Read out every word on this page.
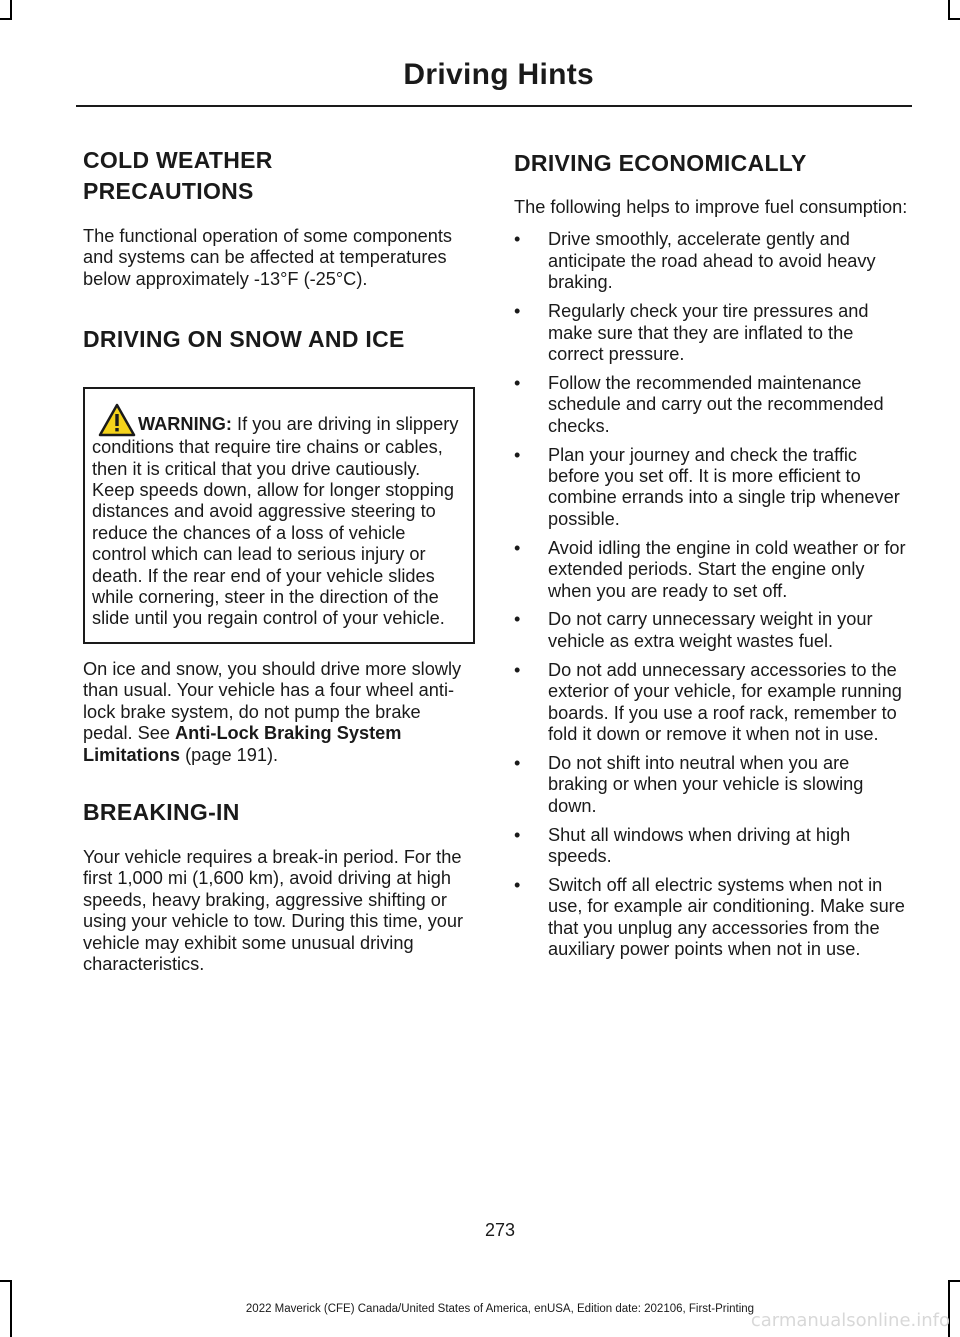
Driving Hints
COLD WEATHER
PRECAUTIONS

The functional operation of some components and systems can be affected at temperatures below approximately -13°F (-25°C).

DRIVING ON SNOW AND ICE
WARNING: If you are driving in slippery conditions that require tire chains or cables, then it is critical that you drive cautiously. Keep speeds down, allow for longer stopping distances and avoid aggressive steering to reduce the chances of a loss of vehicle control which can lead to serious injury or death. If the rear end of your vehicle slides while cornering, steer in the direction of the slide until you regain control of your vehicle.

On ice and snow, you should drive more slowly than usual. Your vehicle has a four wheel anti-lock brake system, do not pump the brake pedal. See Anti-Lock Braking System Limitations (page 191).

BREAKING-IN

Your vehicle requires a break-in period. For the first 1,000 mi (1,600 km), avoid driving at high speeds, heavy braking, aggressive shifting or using your vehicle to tow. During this time, your vehicle may exhibit some unusual driving characteristics.

DRIVING ECONOMICALLY

The following helps to improve fuel consumption:

• Drive smoothly, accelerate gently and anticipate the road ahead to avoid heavy braking.
• Regularly check your tire pressures and make sure that they are inflated to the correct pressure.
• Follow the recommended maintenance schedule and carry out the recommended checks.
• Plan your journey and check the traffic before you set off. It is more efficient to combine errands into a single trip whenever possible.
• Avoid idling the engine in cold weather or for extended periods. Start the engine only when you are ready to set off.
• Do not carry unnecessary weight in your vehicle as extra weight wastes fuel.
• Do not add unnecessary accessories to the exterior of your vehicle, for example running boards. If you use a roof rack, remember to fold it down or remove it when not in use.
• Do not shift into neutral when you are braking or when your vehicle is slowing down.
• Shut all windows when driving at high speeds.
• Switch off all electric systems when not in use, for example air conditioning. Make sure that you unplug any accessories from the auxiliary power points when not in use.
273
2022 Maverick (CFE) Canada/United States of America, enUSA, Edition date: 202106, First-Printing
carmanualsonline.info
